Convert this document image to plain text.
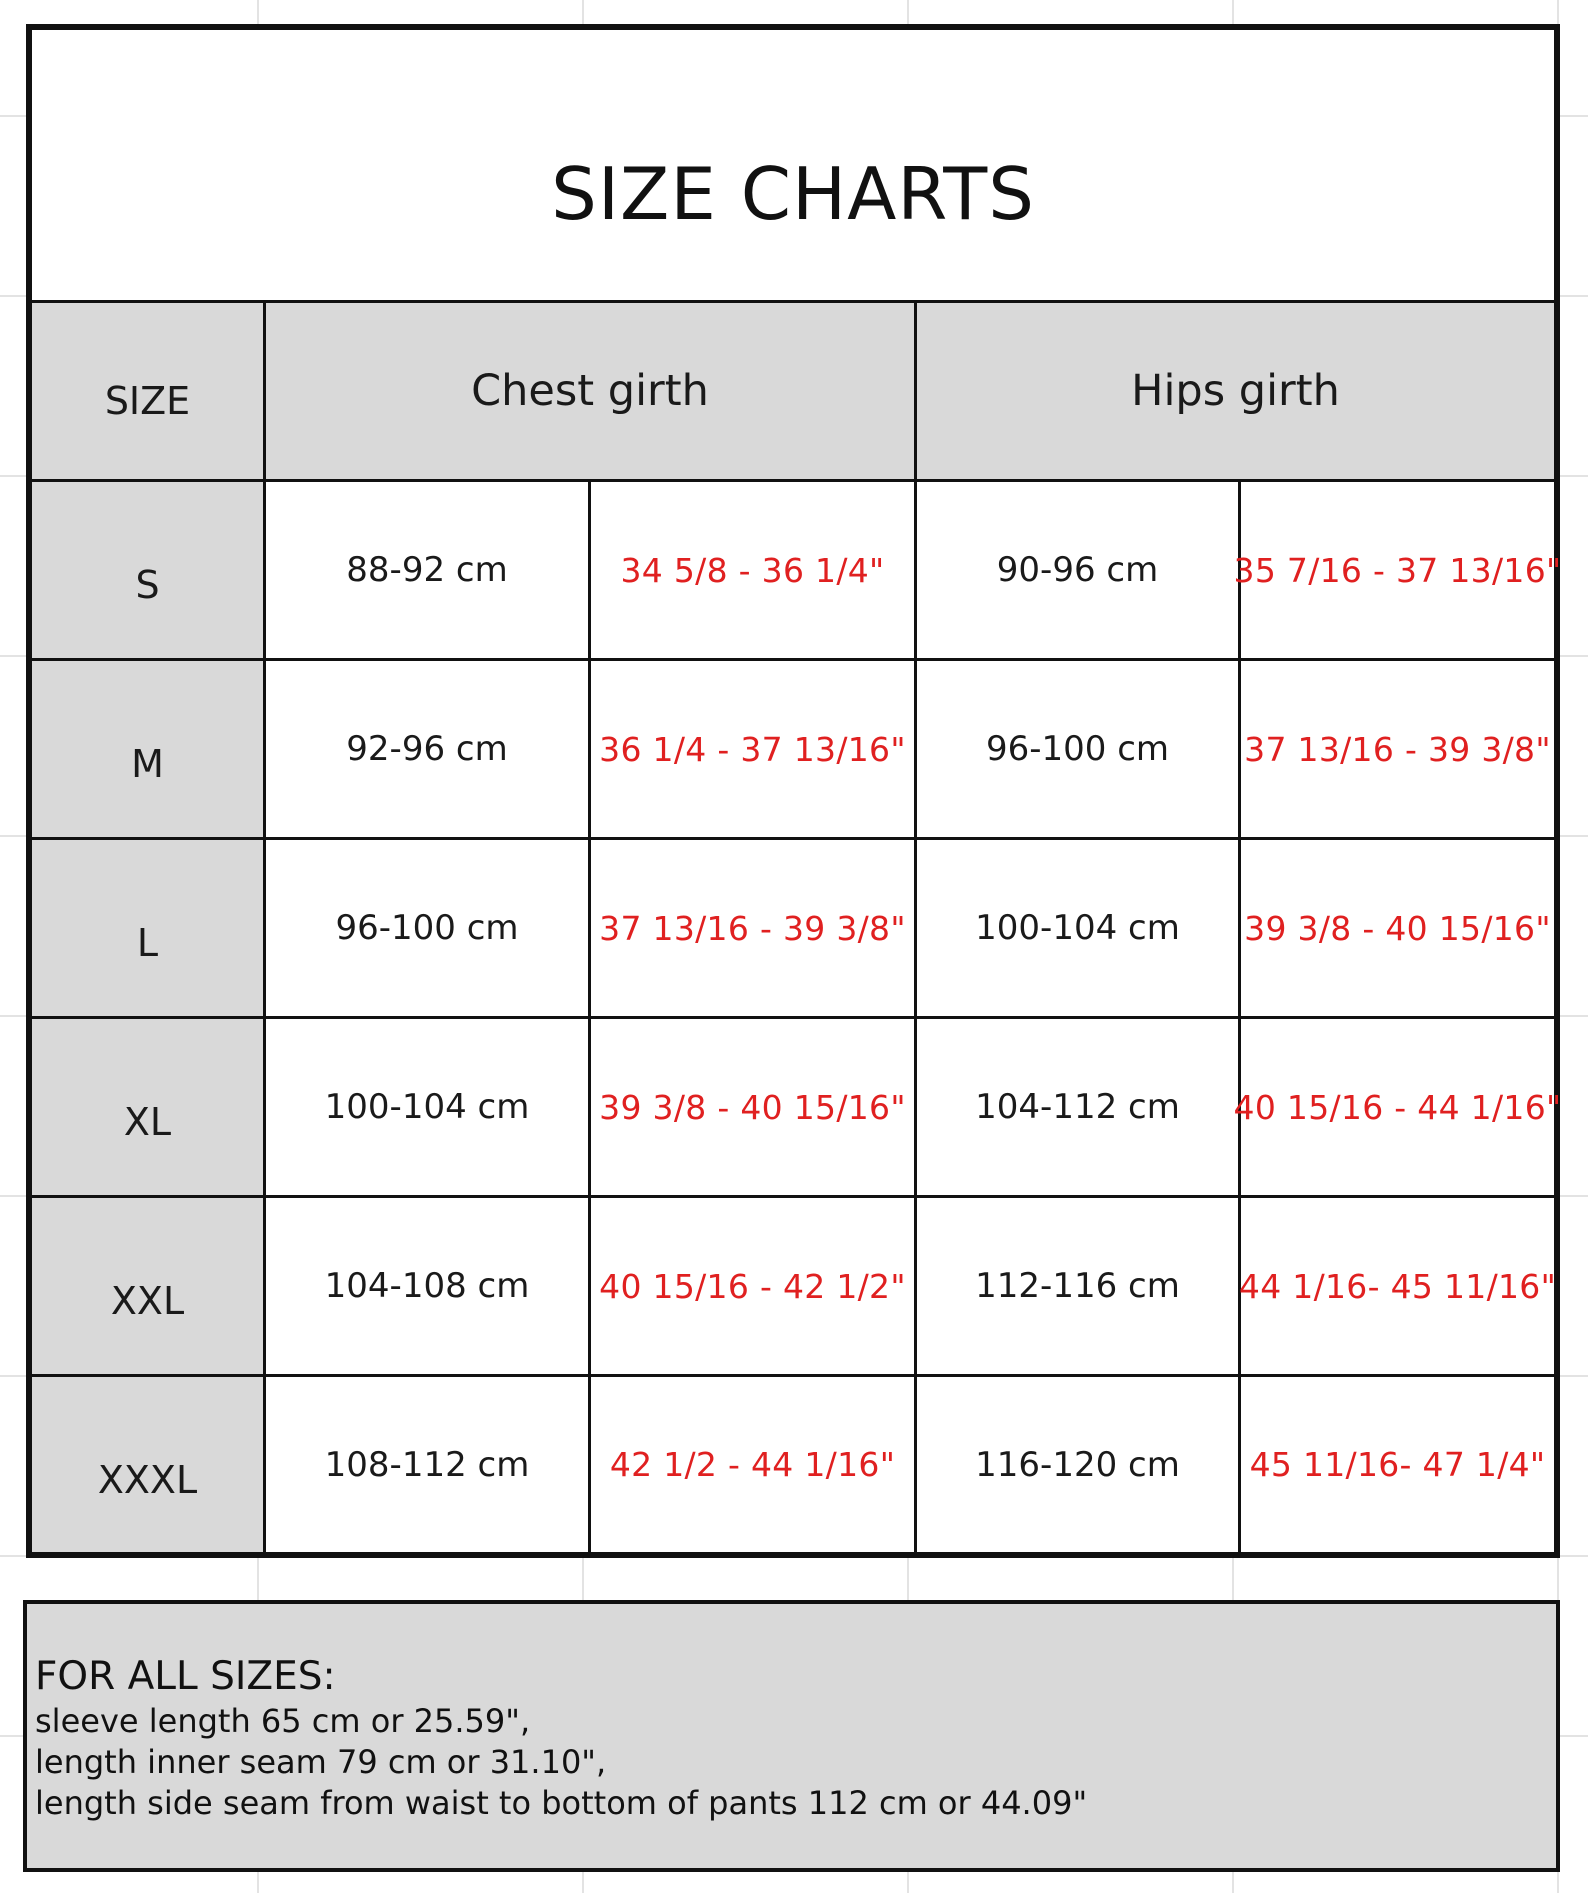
SIZE CHARTS
SIZE	Chest girth	Hips girth
S	88-92 cm	34 5/8 - 36 1/4"	90-96 cm	35 7/16 - 37 13/16"
M	92-96 cm	36 1/4 - 37 13/16"	96-100 cm	37 13/16 - 39 3/8"
L	96-100 cm	37 13/16 - 39 3/8"	100-104 cm	39 3/8 - 40 15/16"
XL	100-104 cm	39 3/8 - 40 15/16"	104-112 cm	40 15/16 - 44 1/16"
XXL	104-108 cm	40 15/16 - 42 1/2"	112-116 cm	44 1/16- 45 11/16"
XXXL	108-112 cm	42 1/2 - 44 1/16"	116-120 cm	45 11/16- 47 1/4"
FOR ALL SIZES:
sleeve length 65 cm or 25.59",
length inner seam 79 cm or 31.10",
length side seam from waist to bottom of pants 112 cm or 44.09"
